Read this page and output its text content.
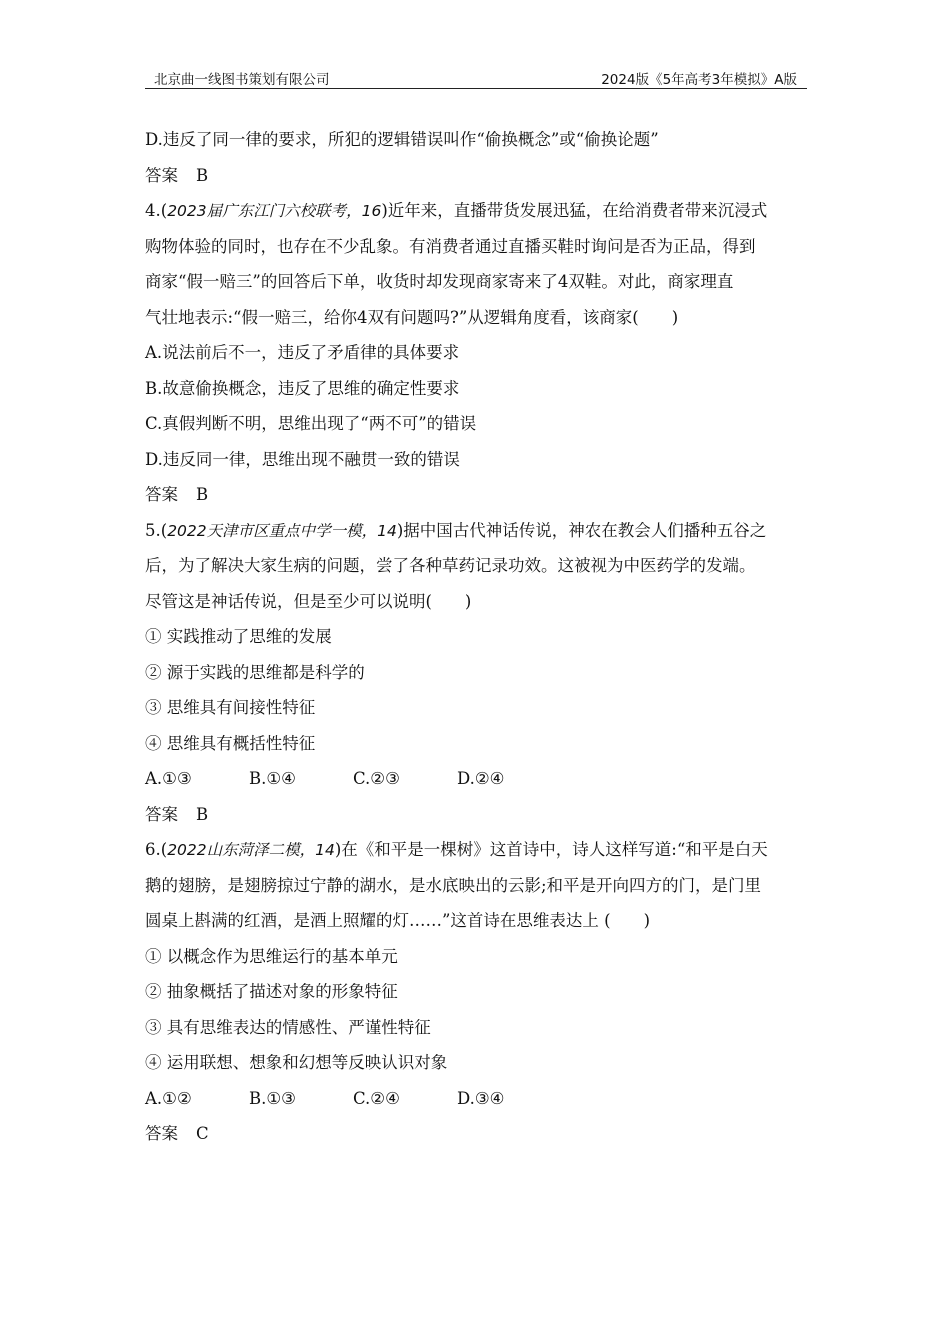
北京曲一线图书策划有限公司	2024版《5年高考3年模拟》A版
D.违反了同一律的要求，所犯的逻辑错误叫作“偷换概念”或“偷换论题”
答案 B
4.(2023届广东江门六校联考，16)近年来，直播带货发展迅猛，在给消费者带来沉浸式
购物体验的同时，也存在不少乱象。有消费者通过直播买鞋时询问是否为正品，得到
商家“假一赔三”的回答后下单，收货时却发现商家寄来了4双鞋。对此，商家理直
气壮地表示:“假一赔三，给你4双有问题吗?”从逻辑角度看，该商家(　　)
A.说法前后不一，违反了矛盾律的具体要求
B.故意偷换概念，违反了思维的确定性要求
C.真假判断不明，思维出现了“两不可”的错误
D.违反同一律，思维出现不融贯一致的错误
答案 B
5.(2022天津市区重点中学一模，14)据中国古代神话传说，神农在教会人们播种五谷之
后，为了解决大家生病的问题，尝了各种草药记录功效。这被视为中医药学的发端。
尽管这是神话传说，但是至少可以说明(　　)
① 实践推动了思维的发展
② 源于实践的思维都是科学的
③ 思维具有间接性特征
④ 思维具有概括性特征
A.①③	B.①④	C.②③	D.②④
答案 B
6.(2022山东菏泽二模，14)在《和平是一棵树》这首诗中，诗人这样写道:“和平是白天
鹅的翅膀，是翅膀掠过宁静的湖水，是水底映出的云影;和平是开向四方的门，是门里
圆桌上斟满的红酒，是酒上照耀的灯……”这首诗在思维表达上 (　　)
① 以概念作为思维运行的基本单元
② 抽象概括了描述对象的形象特征
③ 具有思维表达的情感性、严谨性特征
④ 运用联想、想象和幻想等反映认识对象
A.①②	B.①③	C.②④	D.③④
答案 C
